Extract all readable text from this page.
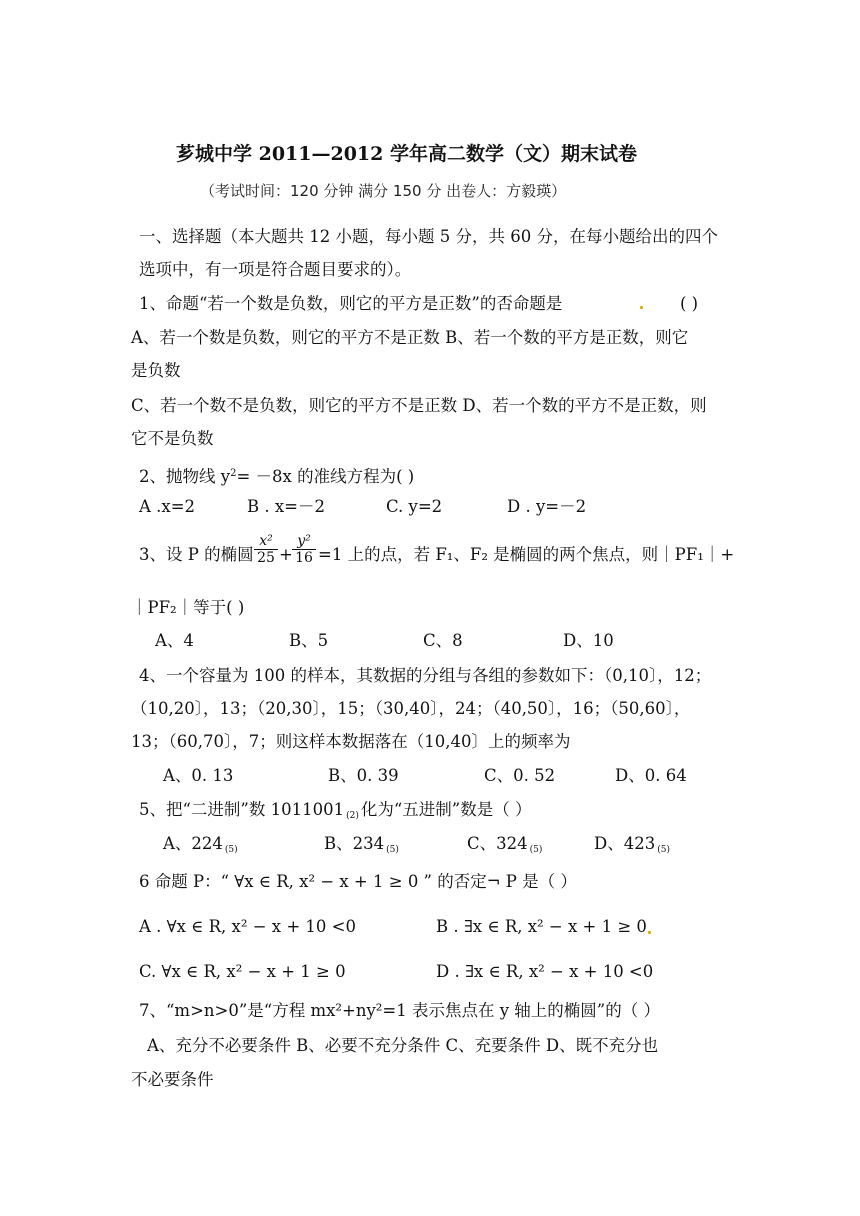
芗城中学 2011—2012 学年高二数学（文）期末试卷
（考试时间：120 分钟 满分 150 分 出卷人：方毅瑛）
一、选择题（本大题共 12 小题，每小题 5 分，共 60 分，在每小题给出的四个
选项中，有一项是符合题目要求的）。
1、命题“若一个数是负数，则它的平方是正数”的否命题是	( )
A、若一个数是负数，则它的平方不是正数 B、若一个数的平方是正数，则它
是负数
C、若一个数不是负数，则它的平方不是正数 D、若一个数的平方不是正数，则
它不是负数
2、抛物线 $y^2= -8x$ 的准线方程为( )
A .x=2	B . x=－2	C. y=2	D . y=－2
3、设 P 的椭圆 $\frac{\text{x²}}{25} + \frac{\text{y²}}{16} =1$ 上的点，若 F₁、F₂ 是椭圆的两个焦点，则｜PF₁｜+
｜PF₂｜等于( )
A、4	B、5	C、8	D、10
4、一个容量为 100 的样本，其数据的分组与各组的参数如下：（0,10〕，12；
（10,20〕，13；（20,30〕，15；（30,40〕，24；（40,50〕，16；（50,60〕，
13；（60,70〕，7；则这样本数据落在（10,40〕上的频率为
A、0. 13	B、0. 39	C、0. 52	D、0. 64
5、把“二进制”数 1011001 (2) 化为“五进制”数是（ ）
A、224 (5)	B、234 (5)	C、324 (5)	D、423 (5)
6 命题 P：“ ∀x ∈ R, x² − x + 1 ≥ 0 ” 的否定¬ P 是（ ）
A . ∀x ∈ R, x² − x + 10 <0	B . ∃x ∈ R, x² − x + 1 ≥ 0
C. ∀x ∈ R, x² − x + 1 ≥ 0	D . ∃x ∈ R, x² − x + 10 <0
7、“m>n>0”是“方程 mx²+ny²=1 表示焦点在 y 轴上的椭圆”的（ ）
A、充分不必要条件 B、必要不充分条件 C、充要条件 D、既不充分也
不必要条件
